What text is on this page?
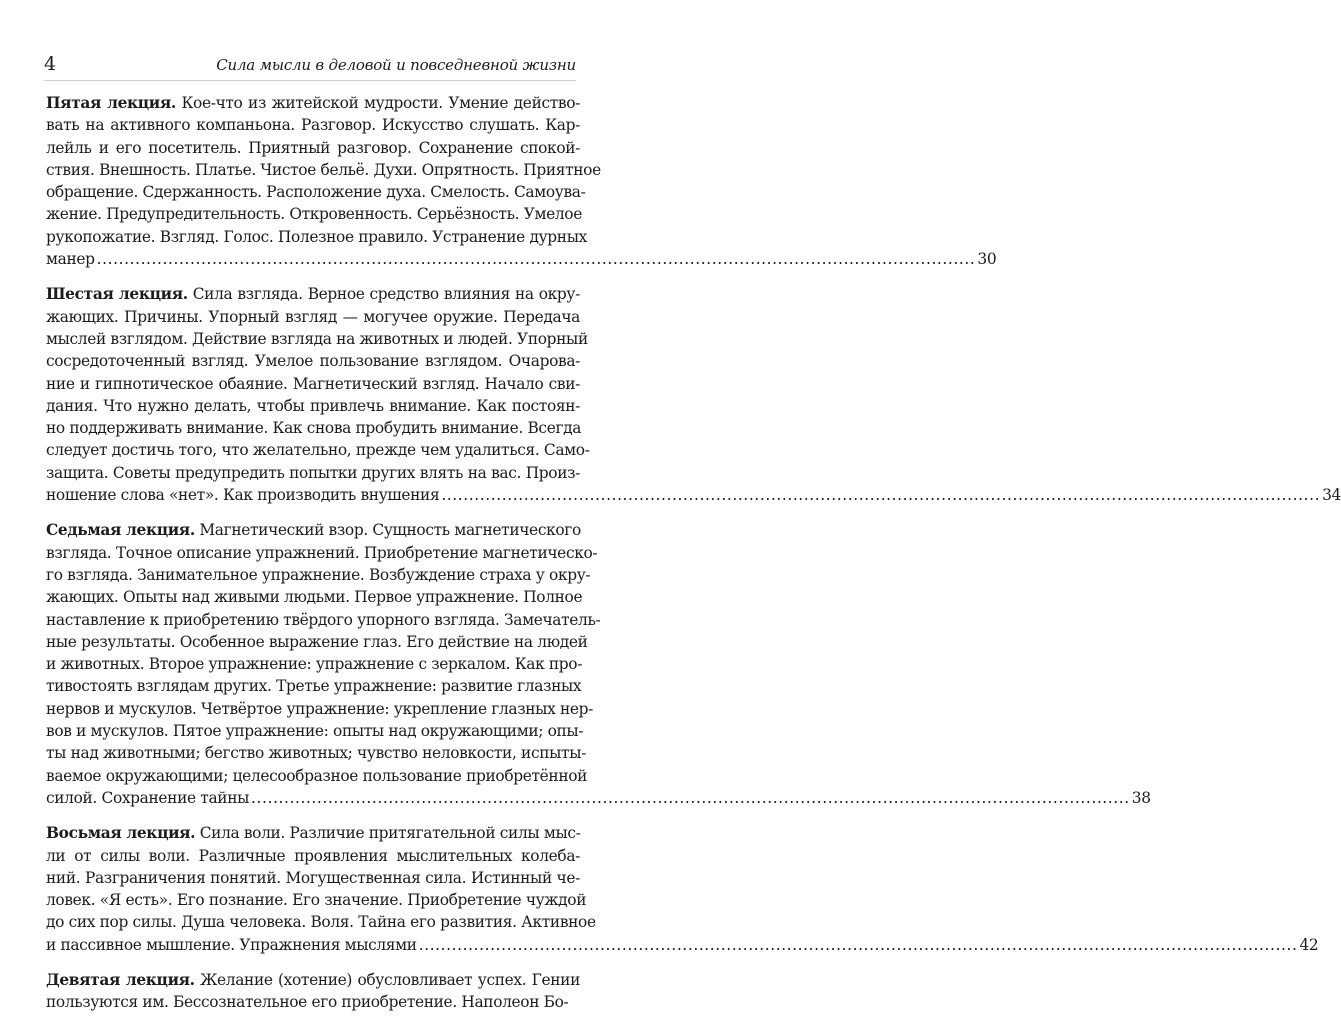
4	Сила мысли в деловой и повседневной жизни
Пятая лекция. Кое-что из житейской мудрости. Умение действо-
вать на активного компаньона. Разговор. Искусство слушать. Кар-
лейль и его посетитель. Приятный разговор. Сохранение спокой-
ствия. Внешность. Платье. Чистое бельё. Духи. Опрятность. Приятное
обращение. Сдержанность. Расположение духа. Смелость. Самоува-
жение. Предупредительность. Откровенность. Серьёзность. Умелое
рукопожатие. Взгляд. Голос. Полезное правило. Устранение дурных
манер ................................................................................................................................................................ 30
Шестая лекция. Сила взгляда. Верное средство влияния на окру-
жающих. Причины. Упорный взгляд — могучее оружие. Передача
мыслей взглядом. Действие взгляда на животных и людей. Упорный
сосредоточенный взгляд. Умелое пользование взглядом. Очарова-
ние и гипнотическое обаяние. Магнетический взгляд. Начало сви-
дания. Что нужно делать, чтобы привлечь внимание. Как постоян-
но поддерживать внимание. Как снова пробудить внимание. Всегда
следует достичь того, что желательно, прежде чем удалиться. Само-
защита. Советы предупредить попытки других влять на вас. Произ-
ношение слова «нет». Как производить внушения ................................................................................................................................................................ 34
Седьмая лекция. Магнетический взор. Сущность магнетического
взгляда. Точное описание упражнений. Приобретение магнетическо-
го взгляда. Занимательное упражнение. Возбуждение страха у окру-
жающих. Опыты над живыми людьми. Первое упражнение. Полное
наставление к приобретению твёрдого упорного взгляда. Замечатель-
ные результаты. Особенное выражение глаз. Его действие на людей
и животных. Второе упражнение: упражнение с зеркалом. Как про-
тивостоять взглядам других. Третье упражнение: развитие глазных
нервов и мускулов. Четвёртое упражнение: укрепление глазных нер-
вов и мускулов. Пятое упражнение: опыты над окружающими; опы-
ты над животными; бегство животных; чувство неловкости, испыты-
ваемое окружающими; целесообразное пользование приобретённой
силой. Сохранение тайны ................................................................................................................................................................ 38
Восьмая лекция. Сила воли. Различие притягательной силы мыс-
ли от силы воли. Различные проявления мыслительных колеба-
ний. Разграничения понятий. Могущественная сила. Истинный че-
ловек. «Я есть». Его познание. Его значение. Приобретение чуждой
до сих пор силы. Душа человека. Воля. Тайна его развития. Активное
и пассивное мышление. Упражнения мыслями ................................................................................................................................................................ 42
Девятая лекция. Желание (хотение) обусловливает успех. Гении
пользуются им. Бессознательное его приобретение. Наполеон Бо-
